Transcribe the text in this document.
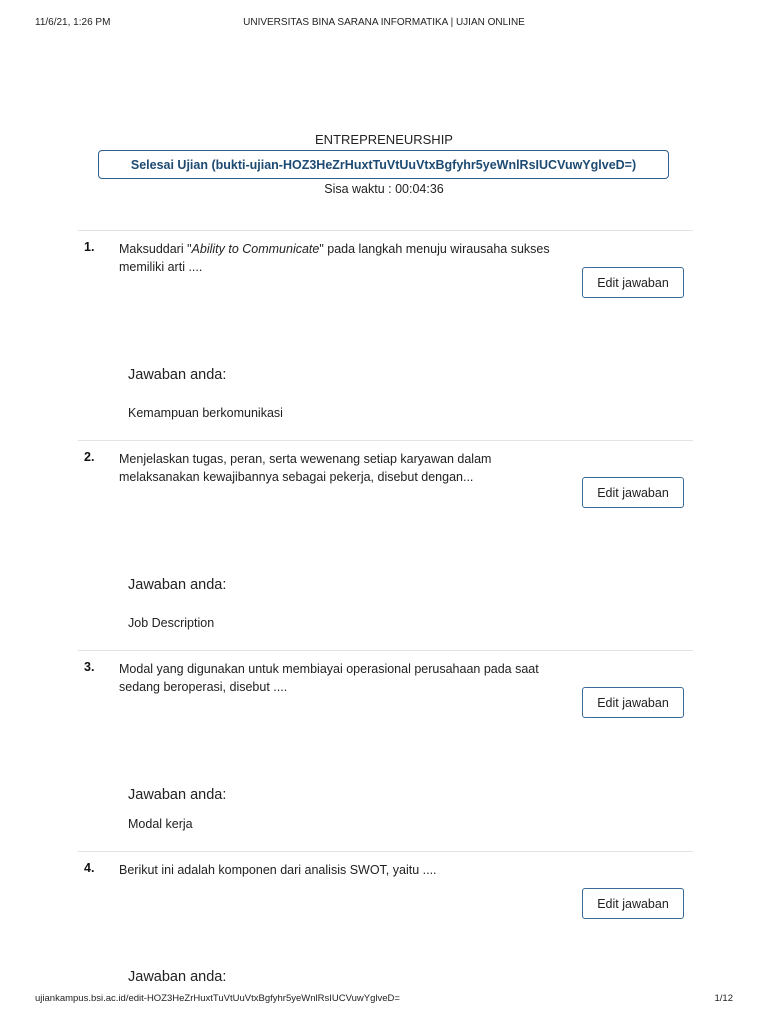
11/6/21, 1:26 PM	UNIVERSITAS BINA SARANA INFORMATIKA | UJIAN ONLINE
ENTREPRENEURSHIP
Selesai Ujian (bukti-ujian-HOZ3HeZrHuxtTuVtUuVtxBgfyhr5yeWnlRsIUCVuwYglveD=)
Sisa waktu : 00:04:36
1. Maksuddari "Ability to Communicate" pada langkah menuju wirausaha sukses memiliki arti ....
Edit jawaban
Jawaban anda:
Kemampuan berkomunikasi
2. Menjelaskan tugas, peran, serta wewenang setiap karyawan dalam melaksanakan kewajibannya sebagai pekerja, disebut dengan...
Edit jawaban
Jawaban anda:
Job Description
3. Modal yang digunakan untuk membiayai operasional perusahaan pada saat sedang beroperasi, disebut ....
Edit jawaban
Jawaban anda:
Modal kerja
4. Berikut ini adalah komponen dari analisis SWOT, yaitu ....
Edit jawaban
Jawaban anda:
ujiankampus.bsi.ac.id/edit-HOZ3HeZrHuxtTuVtUuVtxBgfyhr5yeWnlRsIUCVuwYglveD=	1/12
